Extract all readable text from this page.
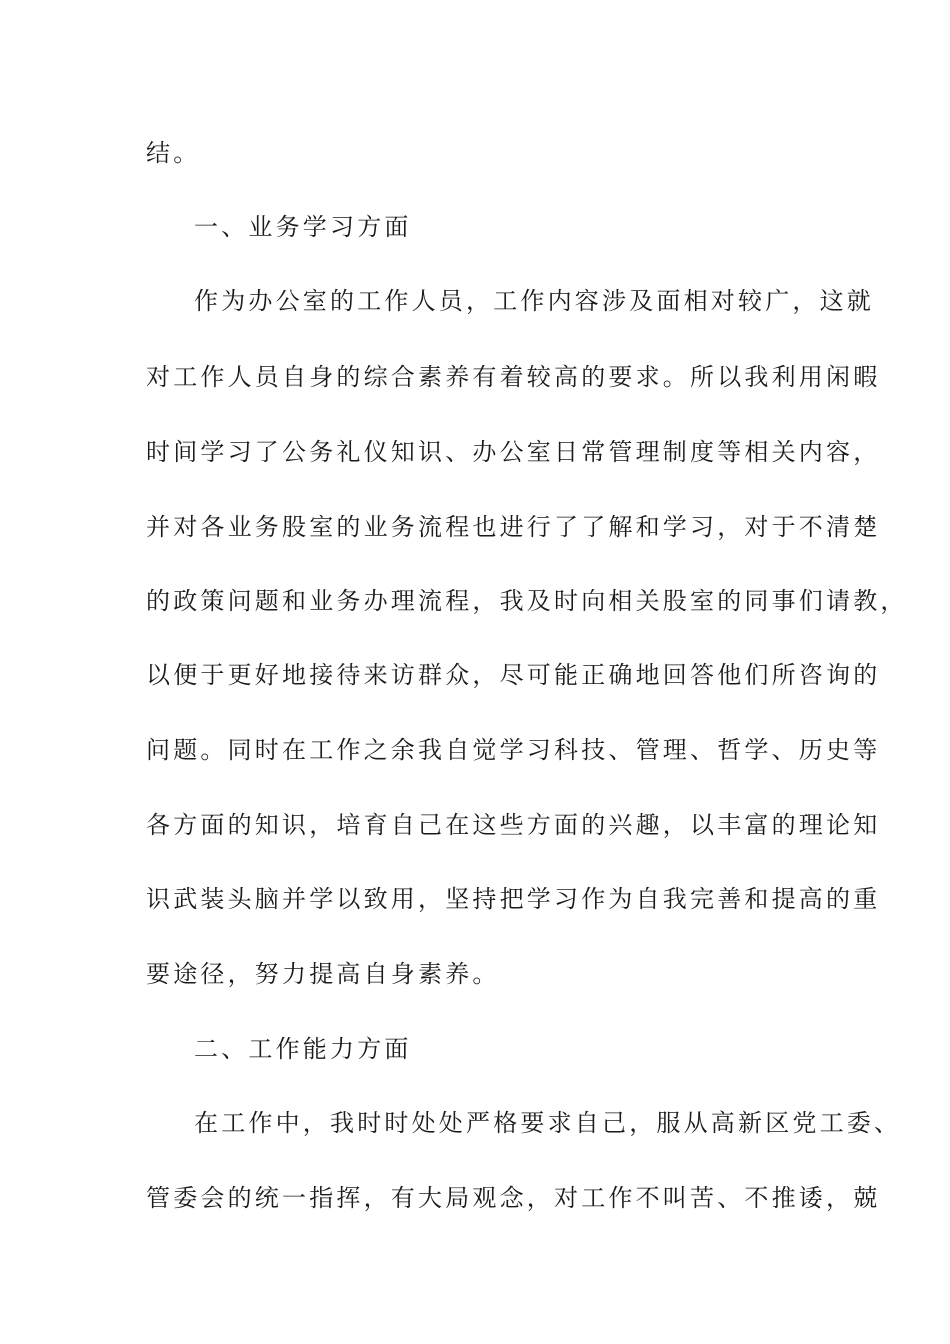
结。
一、业务学习方面
作为办公室的工作人员，工作内容涉及面相对较广，这就
对工作人员自身的综合素养有着较高的要求。所以我利用闲暇
时间学习了公务礼仪知识、办公室日常管理制度等相关内容，
并对各业务股室的业务流程也进行了了解和学习，对于不清楚
的政策问题和业务办理流程，我及时向相关股室的同事们请教，
以便于更好地接待来访群众，尽可能正确地回答他们所咨询的
问题。同时在工作之余我自觉学习科技、管理、哲学、历史等
各方面的知识，培育自己在这些方面的兴趣，以丰富的理论知
识武装头脑并学以致用，坚持把学习作为自我完善和提高的重
要途径，努力提高自身素养。
二、工作能力方面
在工作中，我时时处处严格要求自己，服从高新区党工委、
管委会的统一指挥，有大局观念，对工作不叫苦、不推诿，兢
